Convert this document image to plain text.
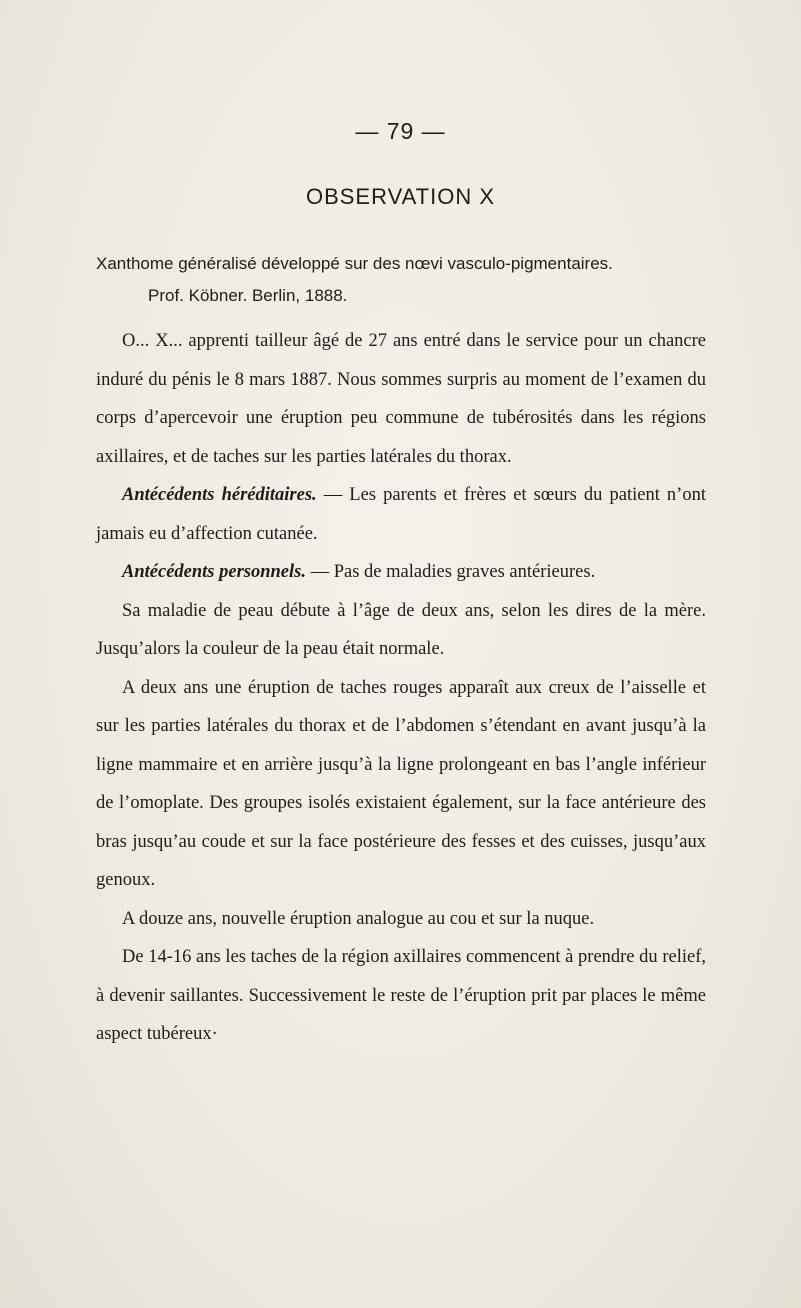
— 79 —
OBSERVATION X
Xanthome généralisé développé sur des nœvi vasculo-pigmentaires.
Prof. Köbner. Berlin, 1888.

O... X... apprenti tailleur âgé de 27 ans entré dans le service pour un chancre induré du pénis le 8 mars 1887. Nous sommes surpris au moment de l’examen du corps d’apercevoir une éruption peu commune de tubérosités dans les régions axillaires, et de taches sur les parties latérales du thorax.

Antécédents héréditaires. — Les parents et frères et sœurs du patient n’ont jamais eu d’affection cutanée.

Antécédents personnels. — Pas de maladies graves antérieures.

Sa maladie de peau débute à l’âge de deux ans, selon les dires de la mère. Jusqu’alors la couleur de la peau était normale.

A deux ans une éruption de taches rouges apparaît aux creux de l’aisselle et sur les parties latérales du thorax et de l’abdomen s’étendant en avant jusqu’à la ligne mammaire et en arrière jusqu’à la ligne prolongeant en bas l’angle inférieur de l’omoplate. Des groupes isolés existaient également, sur la face antérieure des bras jusqu’au coude et sur la face postérieure des fesses et des cuisses, jusqu’aux genoux.

A douze ans, nouvelle éruption analogue au cou et sur la nuque.

De 14-16 ans les taches de la région axillaires commencent à prendre du relief, à devenir saillantes. Successivement le reste de l’éruption prit par places le même aspect tubéreux·
